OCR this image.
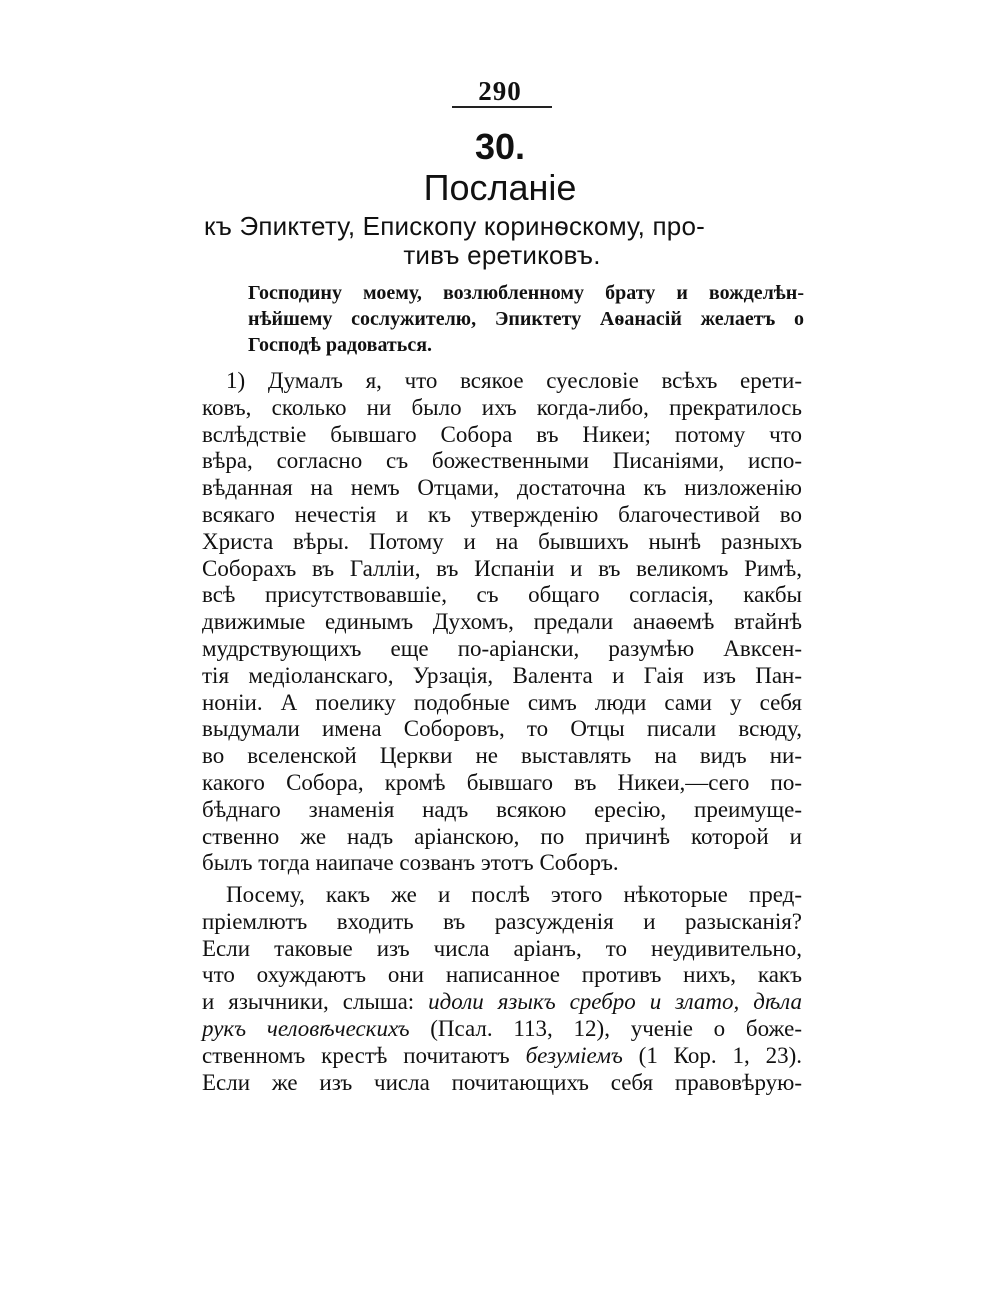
290
30.
Посланіе
къ Эпиктету, Епископу коринѳскому, про-
тивъ еретиковъ.
Господину моему, возлюбленному брату и вожделѣн-
нѣйшему сослужителю, Эпиктету Аѳанасій желаетъ о
Господѣ радоваться.
1) Думалъ я, что всякое суесловіе всѣхъ ерети-
ковъ, сколько ни было ихъ когда-либо, прекратилось
вслѣдствіе бывшаго Собора въ Никеи; потому что
вѣра, согласно съ божественными Писаніями, испо-
вѣданная на немъ Отцами, достаточна къ низложенію
всякаго нечестія и къ утвержденію благочестивой во
Христа вѣры. Потому и на бывшихъ нынѣ разныхъ
Соборахъ въ Галліи, въ Испаніи и въ великомъ Римѣ,
всѣ присутствовавшіе, съ общаго согласія, какбы
движимые единымъ Духомъ, предали анаѳемѣ втайнѣ
мудрствующихъ еще по-аріански, разумѣю Авксен-
тія медіоланскаго, Урзація, Валента и Гаія изъ Пан-
ноніи. А поелику подобные симъ люди сами у себя
выдумали имена Соборовъ, то Отцы писали всюду,
во вселенской Церкви не выставлять на видъ ни-
какого Собора, кромѣ бывшаго въ Никеи,—сего по-
бѣднаго знаменія надъ всякою ересію, преимуще-
ственно же надъ аріанскою, по причинѣ которой и
былъ тогда наипаче созванъ этотъ Соборъ.
Посему, какъ же и послѣ этого нѣкоторые пред-
пріемлютъ входить въ разсужденія и разысканія?
Если таковые изъ числа аріанъ, то неудивительно,
что охуждаютъ они написанное противъ нихъ, какъ
и язычники, слыша: идоли языкъ сребро и злато, дѣла
рукъ человѣческихъ (Псал. 113, 12), ученіе о боже-
ственномъ крестѣ почитаютъ безуміемъ (1 Кор. 1, 23).
Если же изъ числа почитающихъ себя правовѣрую-
